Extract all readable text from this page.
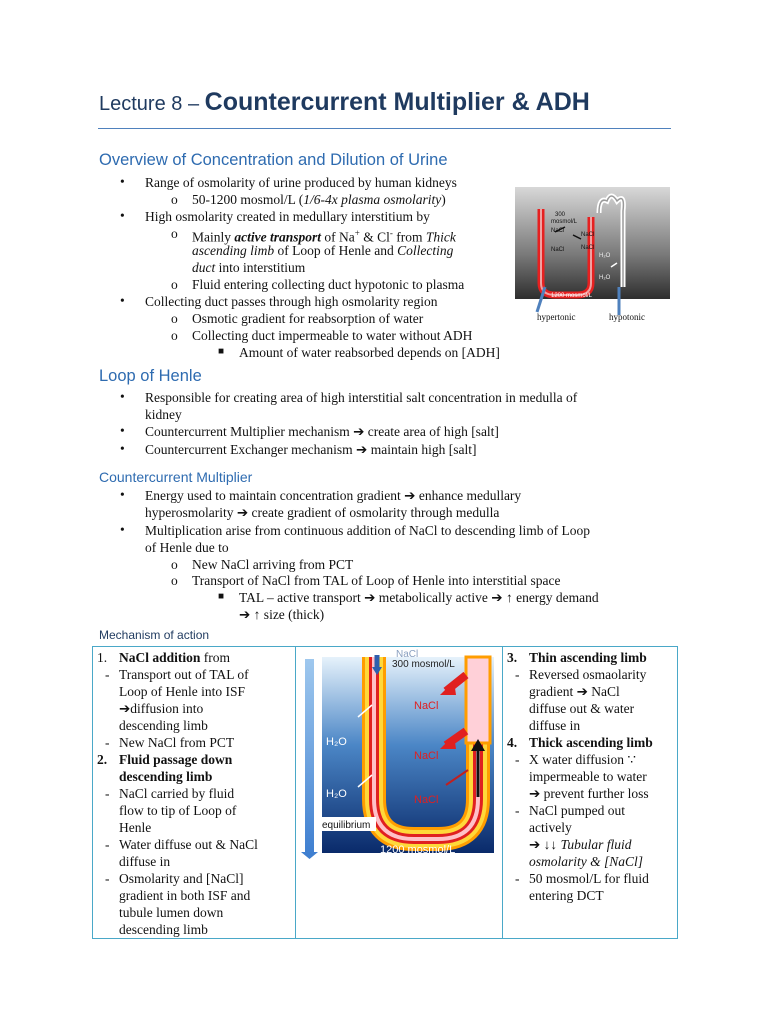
Lecture 8 – Countercurrent Multiplier & ADH
Overview of Concentration and Dilution of Urine
• Range of osmolarity of urine produced by human kidneys
o 50-1200 mosmol/L (1/6-4x plasma osmolarity)
• High osmolarity created in medullary interstitium by
o Mainly active transport of Na+ & Cl- from Thick
ascending limb of Loop of Henle and Collecting
duct into interstitium
o Fluid entering collecting duct hypotonic to plasma
• Collecting duct passes through high osmolarity region
o Osmotic gradient for reabsorption of water
o Collecting duct impermeable to water without ADH
■ Amount of water reabsorbed depends on [ADH]
300
mosmol/L
NaCl
NaCl
NaCl	NaCl
H₂O
H₂O
1200 mosmol/L
hypertonic	hypotonic
Loop of Henle
• Responsible for creating area of high interstitial salt concentration in medulla of
kidney
• Countercurrent Multiplier mechanism ➔ create area of high [salt]
• Countercurrent Exchanger mechanism ➔ maintain high [salt]
Countercurrent Multiplier
• Energy used to maintain concentration gradient ➔ enhance medullary
hyperosmolarity ➔ create gradient of osmolarity through medulla
• Multiplication arise from continuous addition of NaCl to descending limb of Loop
of Henle due to
o New NaCl arriving from PCT
o Transport of NaCl from TAL of Loop of Henle into interstitial space
■ TAL – active transport ➔ metabolically active ➔ ↑ energy demand
➔ ↑ size (thick)
Mechanism of action
1. NaCl addition from
- Transport out of TAL of
Loop of Henle into ISF
➔diffusion into
descending limb
- New NaCl from PCT
2. Fluid passage down
descending limb
- NaCl carried by fluid
flow to tip of Loop of
Henle
- Water diffuse out & NaCl
diffuse in
- Osmolarity and [NaCl]
gradient in both ISF and
tubule lumen down
descending limb

NaCl
300 mosmol/L
NaCl
NaCl
NaCl
H₂O
H₂O
equilibrium
1200 mosmol/L

3. Thin ascending limb
- Reversed osmaolarity
gradient ➔ NaCl
diffuse out & water
diffuse in
4. Thick ascending limb
- X water diffusion ∵
impermeable to water
➔ prevent further loss
- NaCl pumped out
actively
➔ ↓↓ Tubular fluid
osmolarity & [NaCl]
- 50 mosmol/L for fluid
entering DCT
